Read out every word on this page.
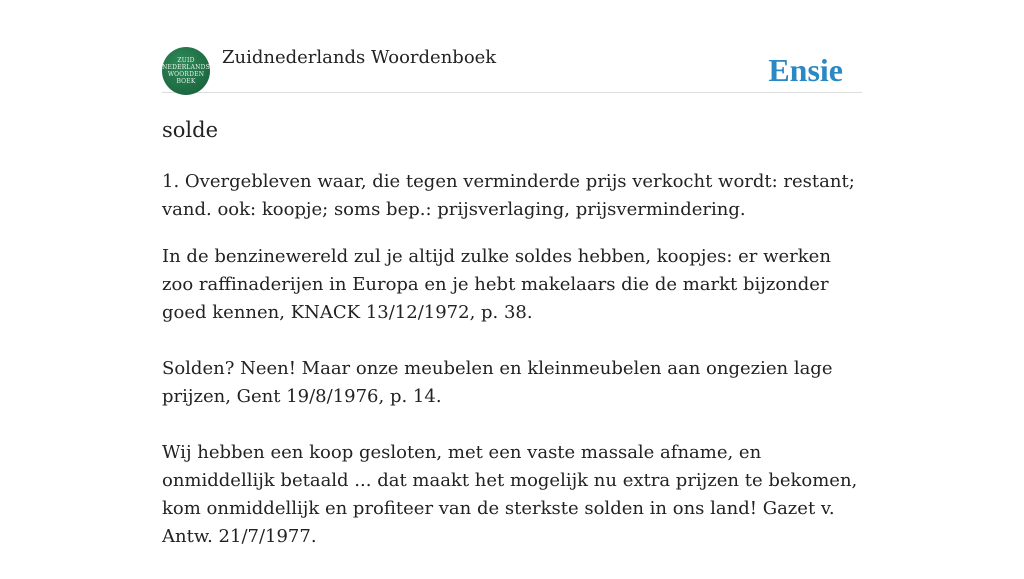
ZUID
NEDERLANDS
WOORDEN
BOEK
Zuidnederlands Woordenboek	Ensie
solde

1. Overgebleven waar, die tegen verminderde prijs verkocht wordt: restant; vand. ook: koopje; soms bep.: prijsverlaging, prijsvermindering.

In de benzinewereld zul je altijd zulke soldes hebben, koopjes: er werken zoo raffinaderijen in Europa en je hebt makelaars die de markt bijzonder goed kennen, KNACK 13/12/1972, p. 38.

Solden? Neen! Maar onze meubelen en kleinmeubelen aan ongezien lage prijzen, Gent 19/8/1976, p. 14.

Wij hebben een koop gesloten, met een vaste massale afname, en onmiddellijk betaald ... dat maakt het mogelijk nu extra prijzen te bekomen, kom onmiddellijk en profiteer van de sterkste solden in ons land! Gazet v. Antw. 21/7/1977.
